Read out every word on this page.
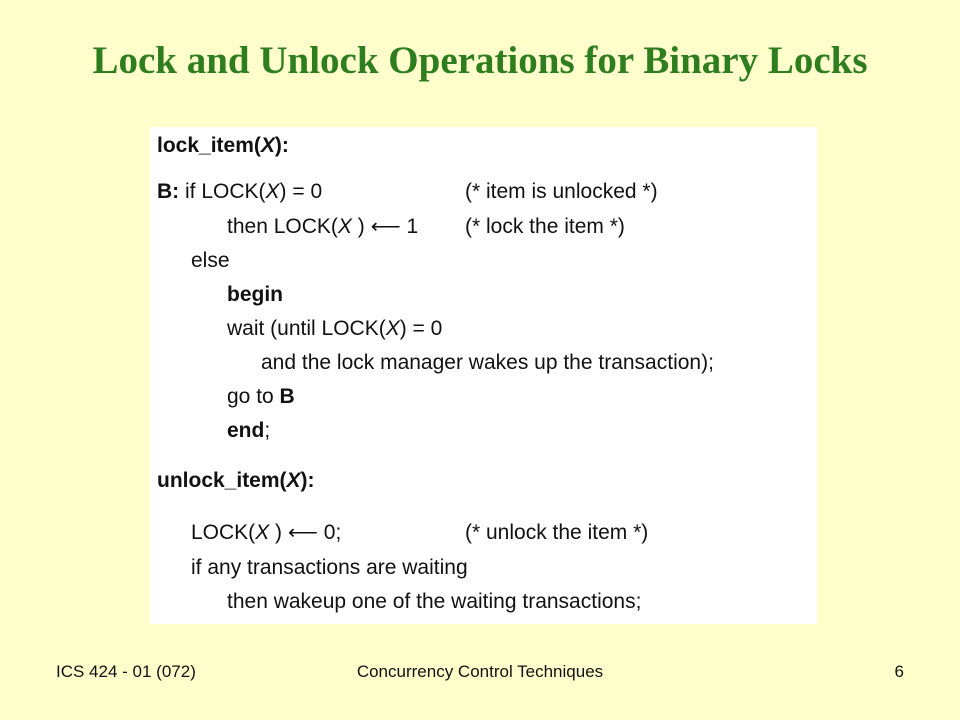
Lock and Unlock Operations for Binary Locks
lock_item(X):
B: if LOCK(X) = 0	(* item is unlocked *)
then LOCK(X ) ⟵ 1 (* lock the item *)
else
begin
wait (until LOCK(X) = 0
and the lock manager wakes up the transaction);
go to B
end;
unlock_item(X):
LOCK(X ) ⟵ 0;	(* unlock the item *)
if any transactions are waiting
then wakeup one of the waiting transactions;
ICS 424 - 01 (072)	Concurrency Control Techniques	6
